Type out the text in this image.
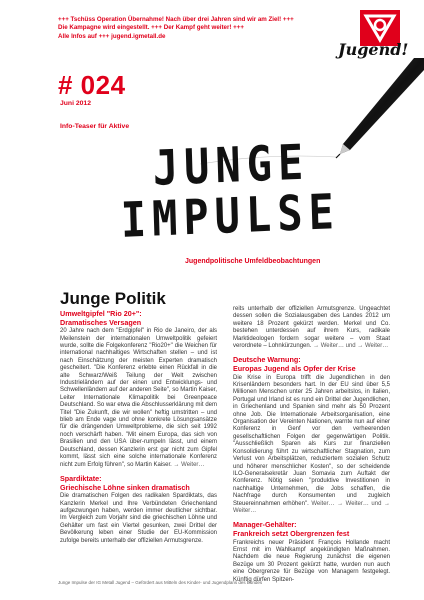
+++ Tschüss Operation Übernahme! Nach über drei Jahren sind wir am Ziel! +++
Die Kampagne wird eingestellt. +++ Der Kampf geht weiter! +++
Alle Infos auf +++ jugend.igmetall.de
Jugend!
# 024
Juni 2012
Info-Teaser für Aktive
JUNGE
IMPULSE
Jugendpolitische Umfeldbeobachtungen
Junge Politik
Umweltgipfel "Rio 20+":
Dramatisches Versagen
20 Jahre nach dem "Erdgipfel" in Rio de Janeiro, der als Meilenstein der internationalen Umweltpolitik gefeiert wurde, sollte die Folgekonferenz "Rio20+" die Weichen für international nachhaltiges Wirtschaften stellen – und ist nach Einschätzung der meisten Experten dramatisch gescheitert. "Die Konferenz erlebte einen Rückfall in die alte Schwarz/Weiß Teilung der Welt zwischen Industrieländern auf der einen und Entwicklungs- und Schwellenländern auf der anderen Seite", so Martin Kaiser, Leiter Internationale Klimapolitik bei Greenpeace Deutschland. So war etwa die Abschlusserklärung mit dem Titel "Die Zukunft, die wir wollen" heftig umstritten – und blieb am Ende vage und ohne konkrete Lösungsansätze für die drängenden Umweltprobleme, die sich seit 1992 noch verschärft haben. "Mit einem Europa, das sich von Brasilien und den USA über-rumpeln lässt, und einem Deutschland, dessen Kanzlerin erst gar nicht zum Gipfel kommt, lässt sich eine solche internationale Konferenz nicht zum Erfolg führen", so Martin Kaiser. → Weiter…
Spardiktate:
Griechische Löhne sinken dramatisch
Die dramatischen Folgen des radikalen Spardiktats, das Kanzlerin Merkel und Ihre Verbündeten Griechenland aufgezwungen haben, werden immer deutlicher sichtbar. Im Vergleich zum Vorjahr sind die griechischen Löhne und Gehälter um fast ein Viertel gesunken, zwei Drittel der Bevölkerung leben einer Studie der EU-Kommission zufolge bereits unterhalb der offiziellen Armutsgrenze.
reits unterhalb der offiziellen Armutsgrenze. Ungeachtet dessen sollen die Sozialausgaben des Landes 2012 um weitere 18 Prozent gekürzt werden. Merkel und Co. bestehen unterdessen auf ihrem Kurs, radikale Marktideologen fordern sogar weitere – vom Staat verordnete – Lohnkürzungen. → Weiter… und → Weiter…
Deutsche Warnung:
Europas Jugend als Opfer der Krise
Die Krise in Europa trifft die Jugendlichen in den Krisenländern besonders hart. In der EU sind über 5,5 Millionen Menschen unter 25 Jahren arbeitslos, in Italien, Portugal und Irland ist es rund ein Drittel der Jugendlichen, in Griechenland und Spanien sind mehr als 50 Prozent ohne Job. Die Internationale Arbeitsorganisation, eine Organisation der Vereinten Nationen, warnte nun auf einer Konferenz in Genf vor den verheerenden gesellschaftlichen Folgen der gegenwärtigen Politik. "Ausschließlich Sparen als Kurs zur finanziellen Konsolidierung führt zu wirtschaftlicher Stagnation, zum Verlust von Arbeitsplätzen, reduziertem sozialen Schutz und höherer menschlicher Kosten", so der scheidende ILO-Generalsekretär Juan Somavia zum Auftakt der Konferenz. Nötig seien "produktive Investitionen in nachhaltige Unternehmen, die Jobs schaffen, die Nachfrage durch Konsumenten und zugleich Steuereinnahmen erhöhen". Weiter… → Weiter… und → Weiter…
Manager-Gehälter:
Frankreich setzt Obergrenzen fest
Frankreichs neuer Präsident François Hollande macht Ernst mit im Wahlkampf angekündigten Maßnahmen. Nachdem die neue Regierung zunächst die eigenen Bezüge um 30 Prozent gekürzt hatte, wurden nun auch eine Obergrenze für Bezüge von Managern festgelegt. Künftig dürfen Spitzen-
Junge Impulse der IG Metall Jugend – Gefördert aus Mitteln des Kinder- und Jugendplans des Bundes
